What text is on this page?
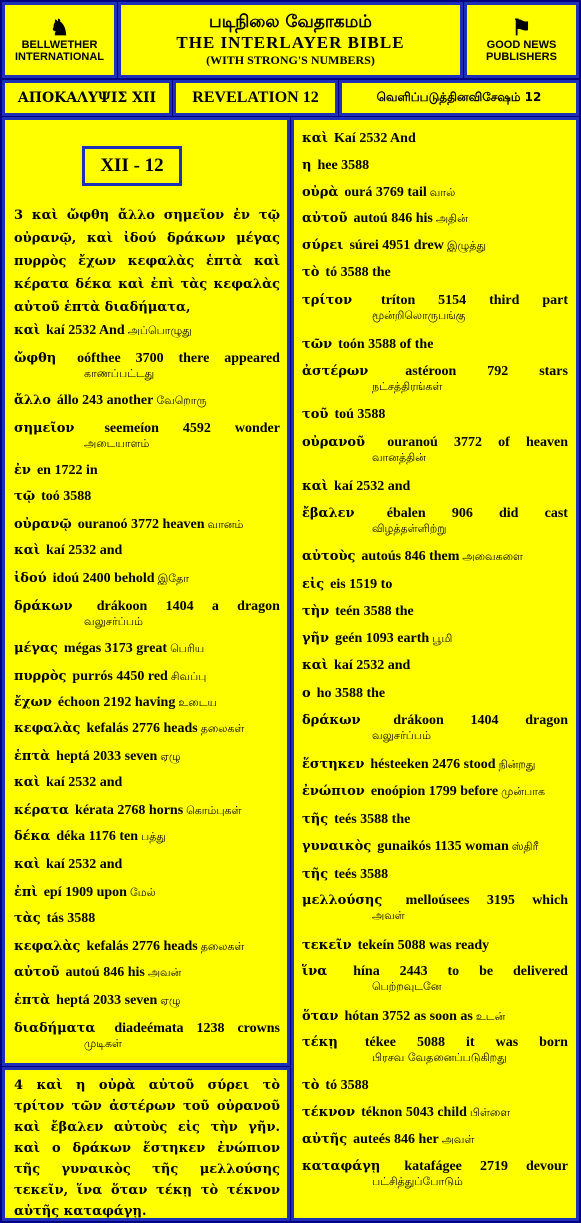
♞
BELLWETHER
INTERNATIONAL
படிநிலை வேதாகமம்
THE INTERLAYER BIBLE
(WITH STRONG'S NUMBERS)
⚑
GOOD NEWS
PUBLISHERS
ΑΠΟΚΑΛΥΨΙΣ ΧΙΙ REVELATION 12	வெளிப்படுத்தினவிசேஷம் 12
XII - 12
3 καὶ ὤφθη ἄλλο σημεῖον ἐν τῷ οὐρανῷ, καὶ ἰδού δράκων μέγας πυρρὸς ἔχων κεφαλὰς ἑπτὰ καὶ κέρατα δέκα καὶ ἐπὶ τὰς κεφαλὰς αὐτοῦ ἑπτὰ διαδήματα,
καὶ kaí 2532 And அப்பொழுது
ὤφθη oófthee 3700 there appeared
காணப்பட்டது
ἄλλο állo 243 another வேறொரு
σημεῖον seemeíon 4592 wonder
அடையாளம்
ἐν en 1722 in
τῷ toó 3588
οὐρανῷ ouranoó 3772 heaven வானம்
καὶ kaí 2532 and
ἰδού idoú 2400 behold இதோ
δράκων drákoon 1404 a dragon
வலுசர்ப்பம்
μέγας mégas 3173 great பெரிய
πυρρὸς purrós 4450 red சிவப்பு
ἔχων échoon 2192 having உடைய
κεφαλὰς kefalás 2776 heads தலைகள்
ἑπτὰ heptá 2033 seven ஏழு
καὶ kaí 2532 and
κέρατα kérata 2768 horns கொம்புகள்
δέκα déka 1176 ten பத்து
καὶ kaí 2532 and
ἐπὶ epí 1909 upon மேல்
τὰς tás 3588
κεφαλὰς kefalás 2776 heads தலைகள்
αὐτοῦ autoú 846 his அவன்
ἑπτὰ heptá 2033 seven ஏழு
διαδήματα diadeémata 1238 crowns
முடிகள்
4 καὶ η οὐρὰ αὐτοῦ σύρει τὸ τρίτον τῶν ἀστέρων τοῦ οὐρανοῦ καὶ ἔβαλεν αὐτοὺς εἰς τὴν γῆν. καὶ ο δράκων ἕστηκεν ἐνώπιον τῆς γυναικὸς τῆς μελλούσης τεκεῖν, ἵνα ὅταν τέκῃ τὸ τέκνον αὐτῆς καταφάγῃ.
καὶ Kaí 2532 And
η hee 3588
οὐρὰ ourá 3769 tail வால்
αὐτοῦ autoú 846 his அதின்
σύρει súrei 4951 drew இழுத்து
τὸ tó 3588 the
τρίτον tríton 5154 third part
மூன்றிலொருபங்கு
τῶν toón 3588 of the
ἀστέρων	astéroon 792 stars
நட்சத்திரங்கள்
τοῦ toú 3588
οὐρανοῦ ouranoú 3772 of heaven
வானத்தின்
καὶ kaí 2532 and
ἔβαλεν ébalen 906 did cast
விழத்தள்ளிற்று
αὐτοὺς autoús 846 them அவைகளை
εἰς eis 1519 to
τὴν teén 3588 the
γῆν geén 1093 earth பூமி
καὶ kaí 2532 and
ο ho 3588 the
δράκων drákoon 1404 dragon
வலுசர்ப்பம்
ἕστηκεν hésteeken 2476 stood நின்றது
ἐνώπιον enoópion 1799 before முன்பாக
τῆς teés 3588 the
γυναικὸς gunaikós 1135 woman ஸ்திரீ
τῆς teés 3588
μελλούσης melloúsees 3195 which
அவள்
τεκεῖν tekeín 5088 was ready
ἵνα hína 2443 to be delivered
பெற்றவுடனே
ὅταν hótan 3752 as soon as உடன்
τέκῃ tékee 5088 it was born
பிரசவ வேதனைப்படுகிறது
τὸ tó 3588
τέκνον téknon 5043 child பிள்ளை
αὐτῆς auteés 846 her அவள்
καταφάγῃ katafágee 2719 devour
பட்சித்துப்போடும்
